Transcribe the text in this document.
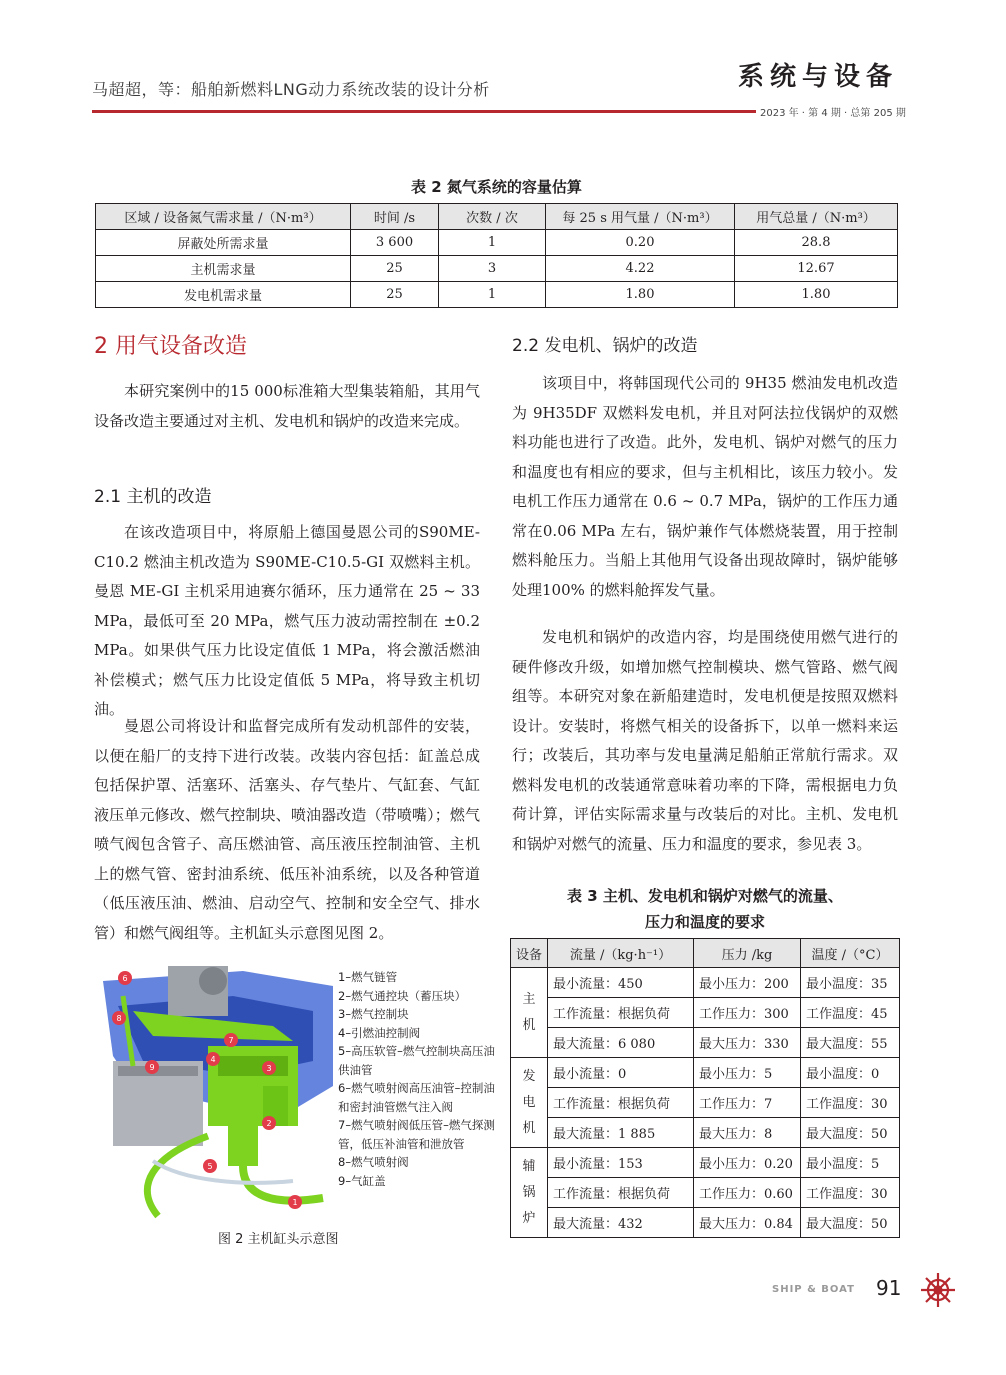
马超超，等：船舶新燃料LNG动力系统改装的设计分析	系统与设备
2023 年 · 第 4 期 · 总第 205 期
表 2 氮气系统的容量估算
区域 / 设备氮气需求量 /（N·m³）	时间 /s	次数 / 次	每 25 s 用气量 /（N·m³）	用气总量 /（N·m³）
屏蔽处所需求量	3 600	1	0.20	28.8
主机需求量	25	3	4.22	12.67
发电机需求量	25	1	1.80	1.80
2 用气设备改造

本研究案例中的15 000标准箱大型集装箱船，其用气设备改造主要通过对主机、发电机和锅炉的改造来完成。

2.1 主机的改造

在该改造项目中，将原船上德国曼恩公司的S90ME-C10.2 燃油主机改造为 S90ME-C10.5-GI 双燃料主机。曼恩 ME-GI 主机采用迪赛尔循环，压力通常在 25 ~ 33 MPa，最低可至 20 MPa，燃气压力波动需控制在 ±0.2 MPa。如果供气压力比设定值低 1 MPa，将会激活燃油补偿模式；燃气压力比设定值低 5 MPa，将导致主机切油。

曼恩公司将设计和监督完成所有发动机部件的安装，以便在船厂的支持下进行改装。改装内容包括：缸盖总成包括保护罩、活塞环、活塞头、存气垫片、气缸套、气缸液压单元修改、燃气控制块、喷油器改造（带喷嘴）；燃气喷气阀包含管子、高压燃油管、高压液压控制油管、主机上的燃气管、密封油系统、低压补油系统，以及各种管道（低压液压油、燃油、启动空气、控制和安全空气、排水管）和燃气阀组等。主机缸头示意图见图 2。

1
2
3
4
5
6
7
8
9
1–燃气链管
2–燃气通控块（蓄压块）
3–燃气控制块
4–引燃油控制阀
5–高压软管–燃气控制块高压油供油管
6–燃气喷射阀高压油管–控制油和密封油管燃气注入阀
7–燃气喷射阀低压管–燃气探测管，低压补油管和泄放管
8–燃气喷射阀
9–气缸盖
图 2 主机缸头示意图
2.2 发电机、锅炉的改造

该项目中，将韩国现代公司的 9H35 燃油发电机改造为 9H35DF 双燃料发电机，并且对阿法拉伐锅炉的双燃料功能也进行了改造。此外，发电机、锅炉对燃气的压力和温度也有相应的要求，但与主机相比，该压力较小。发电机工作压力通常在 0.6 ~ 0.7 MPa，锅炉的工作压力通常在0.06 MPa 左右，锅炉兼作气体燃烧装置，用于控制燃料舱压力。当船上其他用气设备出现故障时，锅炉能够处理100% 的燃料舱挥发气量。

发电机和锅炉的改造内容，均是围绕使用燃气进行的硬件修改升级，如增加燃气控制模块、燃气管路、燃气阀组等。本研究对象在新船建造时，发电机便是按照双燃料设计。安装时，将燃气相关的设备拆下，以单一燃料来运行；改装后，其功率与发电量满足船舶正常航行需求。双燃料发电机的改装通常意味着功率的下降，需根据电力负荷计算，评估实际需求量与改装后的对比。主机、发电机和锅炉对燃气的流量、压力和温度的要求，参见表 3。

表 3 主机、发电机和锅炉对燃气的流量、
压力和温度的要求
设备	流量 /（kg·h⁻¹）	压力 /kg	温度 /（°C）
主
机	最小流量：450	最小压力：200	最小温度：35
	工作流量：根据负荷	工作压力：300	工作温度：45
	最大流量：6 080	最大压力：330	最大温度：55
发
电
机	最小流量：0	最小压力：5	最小温度：0
	工作流量：根据负荷	工作压力：7	工作温度：30
	最大流量：1 885	最大压力：8	最大温度：50
辅
锅
炉	最小流量：153	最小压力：0.20	最小温度：5
	工作流量：根据负荷	工作压力：0.60	工作温度：30
	最大流量：432	最大压力：0.84	最大温度：50
SHIP & BOAT 91
